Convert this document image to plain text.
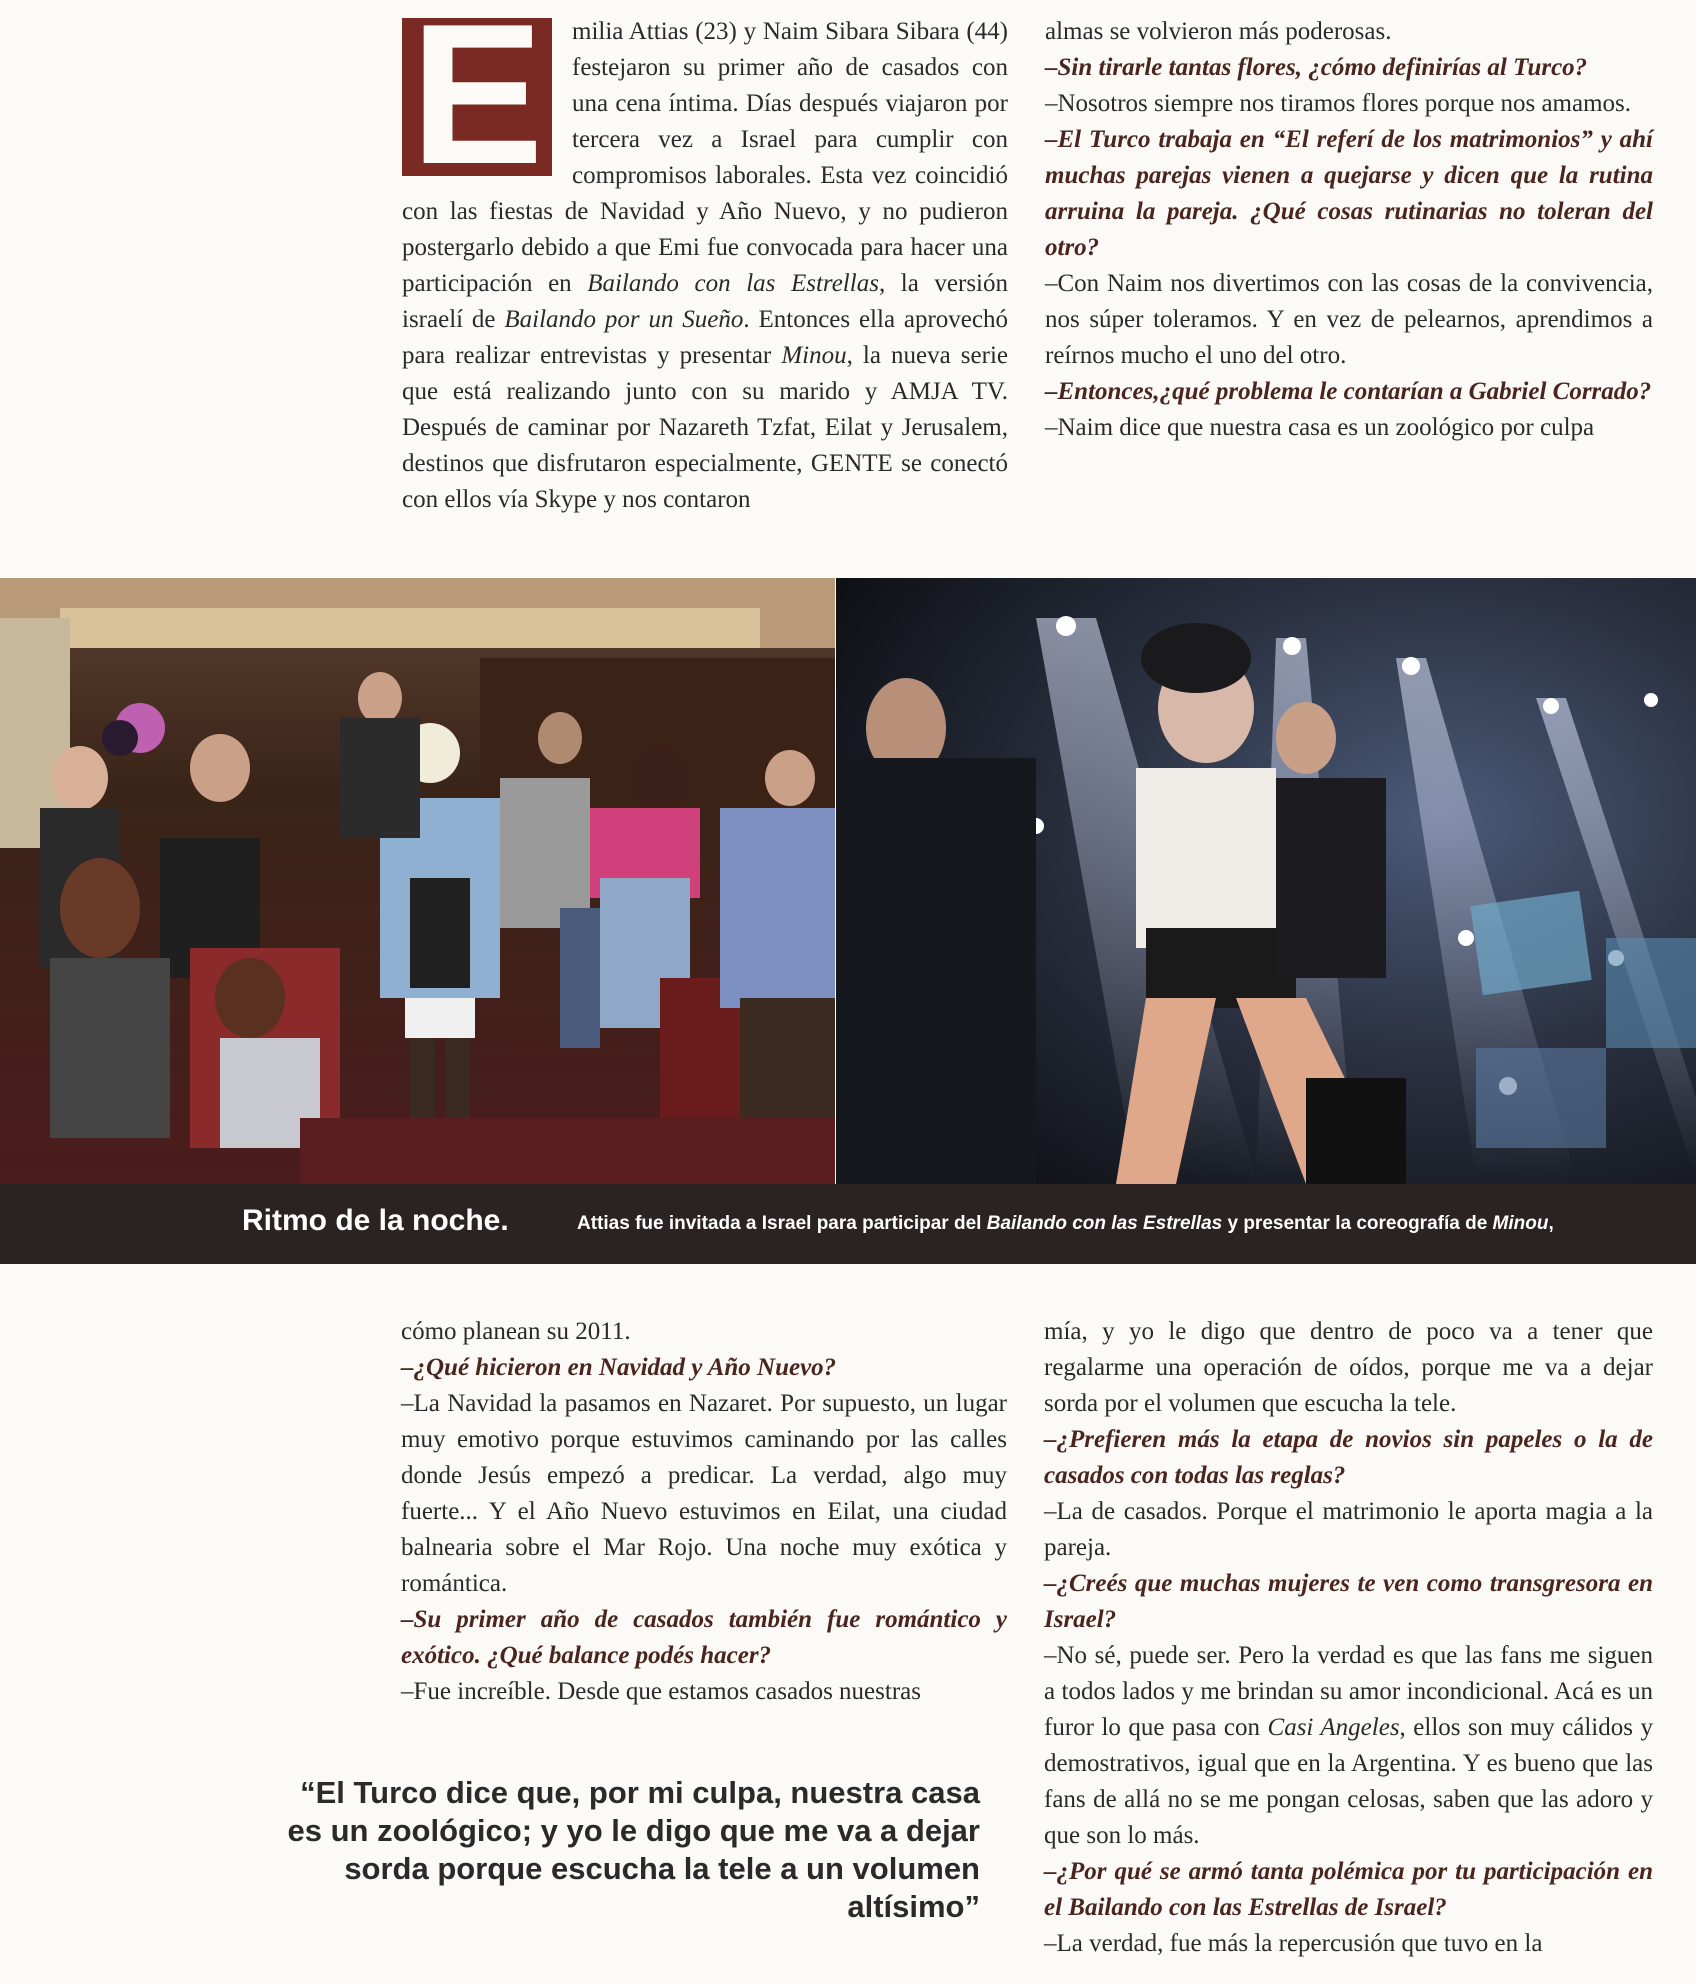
E	milia Attias (23) y Naim Sibara Sibara (44) festejaron su primer año de casados con una cena íntima. Días después viajaron por tercera vez a Israel para cumplir con compromisos laborales. Esta vez coincidió con las fiestas de Navidad y Año Nuevo, y no pudieron postergarlo debido a que Emi fue convocada para hacer una participación en Bailando con las Estrellas, la versión israelí de Bailando por un Sueño. Entonces ella aprovechó para realizar entrevistas y presentar Minou, la nueva serie que está realizando junto con su marido y AMJA TV. Después de caminar por Nazareth Tzfat, Eilat y Jerusalem, destinos que disfrutaron especialmente, GENTE se conectó con ellos vía Skype y nos contaron

almas se volvieron más poderosas.

–Sin tirarle tantas flores, ¿cómo definirías al Turco?

–Nosotros siempre nos tiramos flores porque nos amamos.

–El Turco trabaja en “El referí de los matrimonios” y ahí muchas parejas vienen a quejarse y dicen que la rutina arruina la pareja. ¿Qué cosas rutinarias no toleran del otro?

–Con Naim nos divertimos con las cosas de la convivencia, nos súper toleramos. Y en vez de pelearnos, aprendimos a reírnos mucho el uno del otro.

–Entonces,¿qué problema le contarían a Gabriel Corrado?

–Naim dice que nuestra casa es un zoológico por culpa

Ritmo de la noche.	Attias fue invitada a Israel para participar del Bailando con las Estrellas y presentar la coreografía de Minou,

cómo planean su 2011.

–¿Qué hicieron en Navidad y Año Nuevo?

–La Navidad la pasamos en Nazaret. Por supuesto, un lugar muy emotivo porque estuvimos caminando por las calles donde Jesús empezó a predicar. La verdad, algo muy fuerte... Y el Año Nuevo estuvimos en Eilat, una ciudad balnearia sobre el Mar Rojo. Una noche muy exótica y romántica.

–Su primer año de casados también fue romántico y exótico. ¿Qué balance podés hacer?

–Fue increíble. Desde que estamos casados nuestras

mía, y yo le digo que dentro de poco va a tener que regalarme una operación de oídos, porque me va a dejar sorda por el volumen que escucha la tele.

–¿Prefieren más la etapa de novios sin papeles o la de casados con todas las reglas?

–La de casados. Porque el matrimonio le aporta magia a la pareja.

–¿Creés que muchas mujeres te ven como transgresora en Israel?

–No sé, puede ser. Pero la verdad es que las fans me siguen a todos lados y me brindan su amor incondicional. Acá es un furor lo que pasa con Casi Angeles, ellos son muy cálidos y demostrativos, igual que en la Argentina. Y es bueno que las fans de allá no se me pongan celosas, saben que las adoro y que son lo más.

–¿Por qué se armó tanta polémica por tu participación en el Bailando con las Estrellas de Israel?

–La verdad, fue más la repercusión que tuvo en la

“El Turco dice que, por mi culpa, nuestra casa es un zoológico; y yo le digo que me va a dejar sorda porque escucha la tele a un volumen altísimo”
